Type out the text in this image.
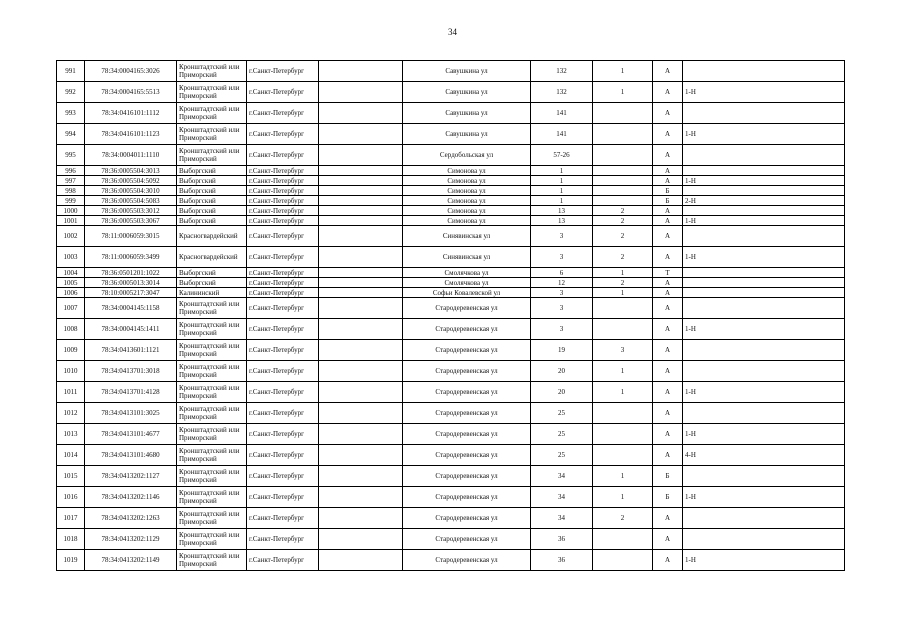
34
991	78:34:0004165:3026	Кронштадтский или Приморский	г.Санкт-Петербург		Савушкина ул	132	1	А	
992	78:34:0004165:5513	Кронштадтский или Приморский	г.Санкт-Петербург		Савушкина ул	132	1	А	1-Н
993	78:34:0416101:1112	Кронштадтский или Приморский	г.Санкт-Петербург		Савушкина ул	141		А	
994	78:34:0416101:1123	Кронштадтский или Приморский	г.Санкт-Петербург		Савушкина ул	141		А	1-Н
995	78:34:0004011:1110	Кронштадтский или Приморский	г.Санкт-Петербург		Сердобольская ул	57-26		А	
996	78:36:0005504:3013	Выборгский	г.Санкт-Петербург		Симонова ул	1		А	
997	78:36:0005504:5092	Выборгский	г.Санкт-Петербург		Симонова ул	1		А	1-Н
998	78:36:0005504:3010	Выборгский	г.Санкт-Петербург		Симонова ул	1		Б	
999	78:36:0005504:5083	Выборгский	г.Санкт-Петербург		Симонова ул	1		Б	2-Н
1000	78:36:0005503:3012	Выборгский	г.Санкт-Петербург		Симонова ул	13	2	А	
1001	78:36:0005503:3067	Выборгский	г.Санкт-Петербург		Симонова ул	13	2	А	1-Н
1002	78:11:0006059:3015	Красногвардейский	г.Санкт-Петербург		Синявинская ул	3	2	А	
1003	78:11:0006059:3499	Красногвардейский	г.Санкт-Петербург		Синявинская ул	3	2	А	1-Н
1004	78:36:0501201:1022	Выборгский	г.Санкт-Петербург		Смолячкова ул	6	1	Т	
1005	78:36:0005013:3014	Выборгский	г.Санкт-Петербург		Смолячкова ул	12	2	А	
1006	78:10:0005217:3047	Калининский	г.Санкт-Петербург		Софьи Ковалевской ул	3	1	А	
1007	78:34:0004145:1158	Кронштадтский или Приморский	г.Санкт-Петербург		Стародеревенская ул	3		А	
1008	78:34:0004145:1411	Кронштадтский или Приморский	г.Санкт-Петербург		Стародеревенская ул	3		А	1-Н
1009	78:34:0413601:1121	Кронштадтский или Приморский	г.Санкт-Петербург		Стародеревенская ул	19	3	А	
1010	78:34:0413701:3018	Кронштадтский или Приморский	г.Санкт-Петербург		Стародеревенская ул	20	1	А	
1011	78:34:0413701:4128	Кронштадтский или Приморский	г.Санкт-Петербург		Стародеревенская ул	20	1	А	1-Н
1012	78:34:0413101:3025	Кронштадтский или Приморский	г.Санкт-Петербург		Стародеревенская ул	25		А	
1013	78:34:0413101:4677	Кронштадтский или Приморский	г.Санкт-Петербург		Стародеревенская ул	25		А	1-Н
1014	78:34:0413101:4680	Кронштадтский или Приморский	г.Санкт-Петербург		Стародеревенская ул	25		А	4-Н
1015	78:34:0413202:1127	Кронштадтский или Приморский	г.Санкт-Петербург		Стародеревенская ул	34	1	Б	
1016	78:34:0413202:1146	Кронштадтский или Приморский	г.Санкт-Петербург		Стародеревенская ул	34	1	Б	1-Н
1017	78:34:0413202:1263	Кронштадтский или Приморский	г.Санкт-Петербург		Стародеревенская ул	34	2	А	
1018	78:34:0413202:1129	Кронштадтский или Приморский	г.Санкт-Петербург		Стародеревенская ул	36		А	
1019	78:34:0413202:1149	Кронштадтский или Приморский	г.Санкт-Петербург		Стародеревенская ул	36		А	1-Н
